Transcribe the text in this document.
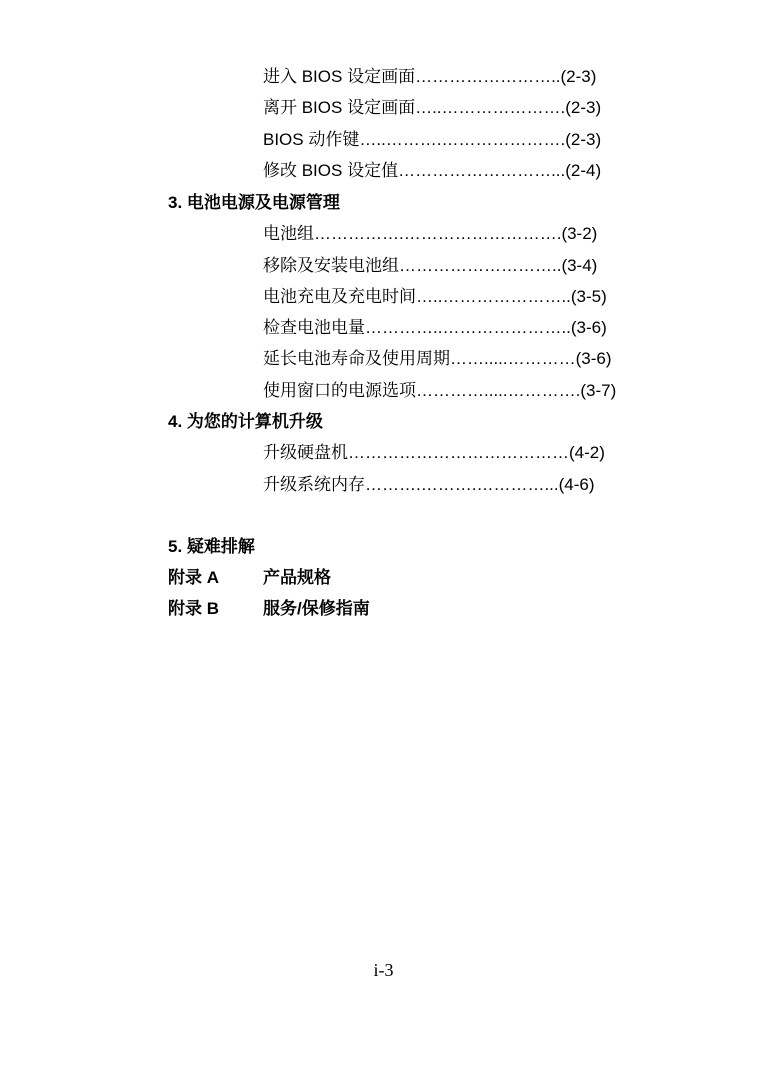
进入 BIOS 设定画面……………………..(2-3)
离开 BIOS 设定画面…..………………….(2-3)
BIOS 动作键…..……….………………….(2-3)
修改 BIOS 设定值………………………...(2-4)
3. 电池电源及电源管理
电池组…………….……………………….(3-2)
移除及安装电池组………………………..(3-4)
电池充电及充电时间…..…………………..(3-5)
检查电池电量…………..…………………..(3-6)
延长电池寿命及使用周期…….....…………(3-6)
使用窗口的电源选项………….....………….(3-7)
4. 为您的计算机升级
升级硬盘机…………………………………(4-2)
升级系统内存……….……….…………...(4-6)
5. 疑难排解
附录 A	产品规格
附录 B	服务/保修指南
i-3
